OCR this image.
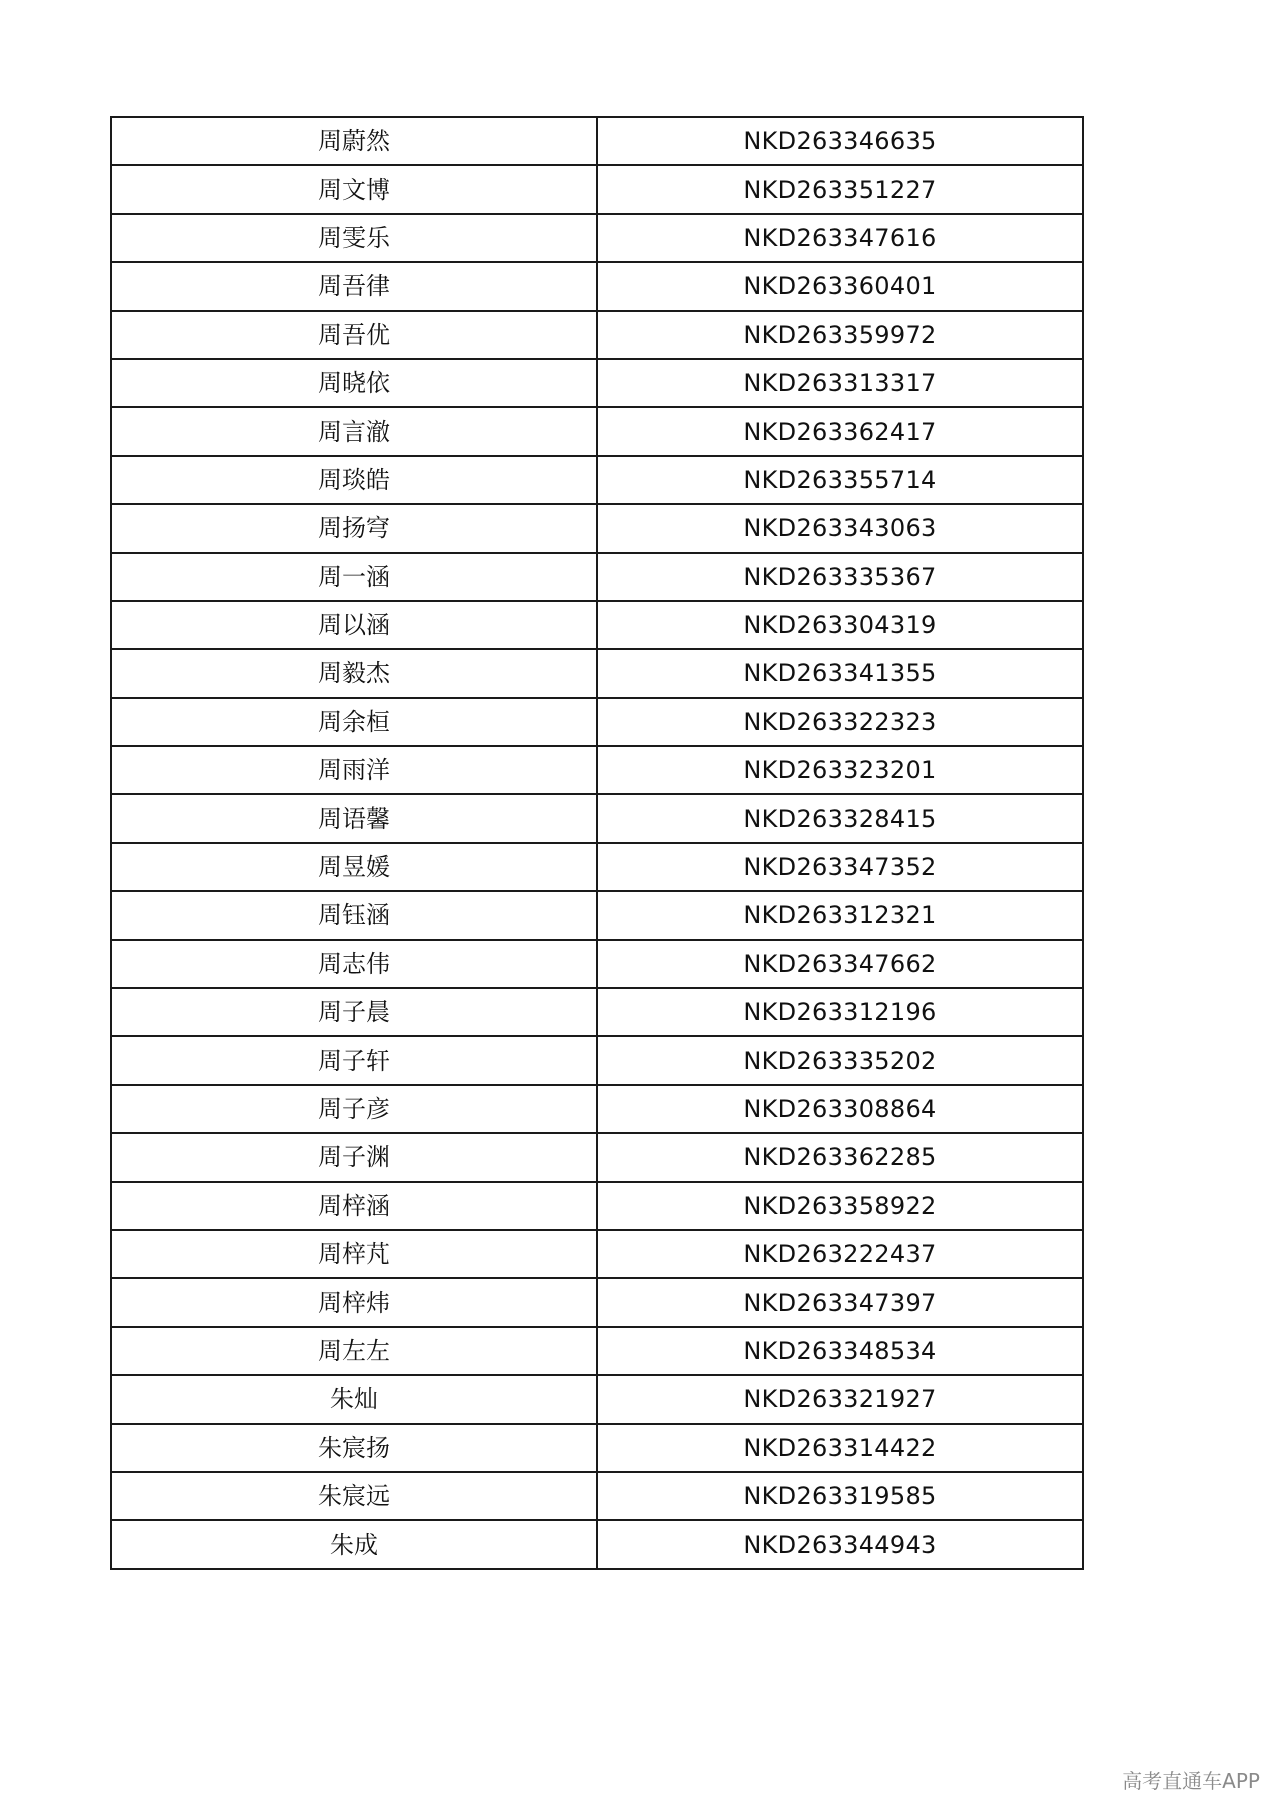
周蔚然	NKD263346635
周文博	NKD263351227
周雯乐	NKD263347616
周吾律	NKD263360401
周吾优	NKD263359972
周晓依	NKD263313317
周言澈	NKD263362417
周琰皓	NKD263355714
周扬穹	NKD263343063
周一涵	NKD263335367
周以涵	NKD263304319
周毅杰	NKD263341355
周余桓	NKD263322323
周雨洋	NKD263323201
周语馨	NKD263328415
周昱媛	NKD263347352
周钰涵	NKD263312321
周志伟	NKD263347662
周子晨	NKD263312196
周子轩	NKD263335202
周子彦	NKD263308864
周子渊	NKD263362285
周梓涵	NKD263358922
周梓芃	NKD263222437
周梓炜	NKD263347397
周左左	NKD263348534
朱灿	NKD263321927
朱宸扬	NKD263314422
朱宸远	NKD263319585
朱成	NKD263344943
高考直通车APP
